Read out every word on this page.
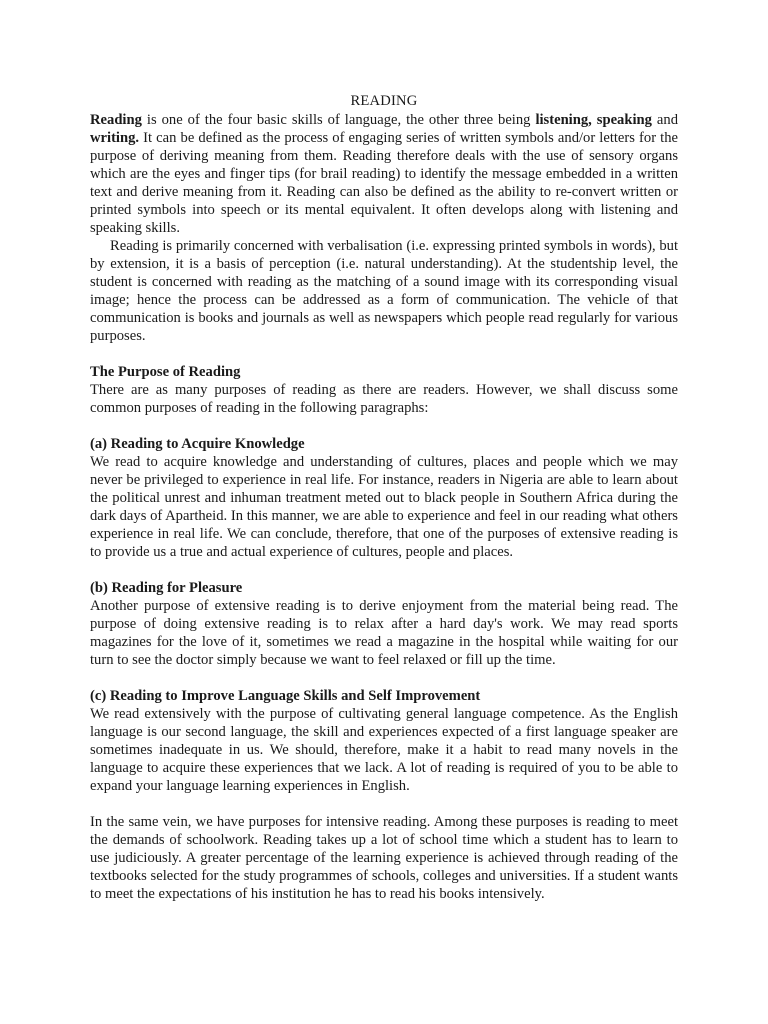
READING

Reading is one of the four basic skills of language, the other three being listening, speaking and writing. It can be defined as the process of engaging series of written symbols and/or letters for the purpose of deriving meaning from them. Reading therefore deals with the use of sensory organs which are the eyes and finger tips (for brail reading) to identify the message embedded in a written text and derive meaning from it. Reading can also be defined as the ability to re-convert written or printed symbols into speech or its mental equivalent. It often develops along with listening and speaking skills.

Reading is primarily concerned with verbalisation (i.e. expressing printed symbols in words), but by extension, it is a basis of perception (i.e. natural understanding). At the studentship level, the student is concerned with reading as the matching of a sound image with its corresponding visual image; hence the process can be addressed as a form of communication. The vehicle of that communication is books and journals as well as newspapers which people read regularly for various purposes.

The Purpose of Reading

There are as many purposes of reading as there are readers. However, we shall discuss some common purposes of reading in the following paragraphs:

(a) Reading to Acquire Knowledge

We read to acquire knowledge and understanding of cultures, places and people which we may never be privileged to experience in real life. For instance, readers in Nigeria are able to learn about the political unrest and inhuman treatment meted out to black people in Southern Africa during the dark days of Apartheid. In this manner, we are able to experience and feel in our reading what others experience in real life. We can conclude, therefore, that one of the purposes of extensive reading is to provide us a true and actual experience of cultures, people and places.

(b) Reading for Pleasure

Another purpose of extensive reading is to derive enjoyment from the material being read. The purpose of doing extensive reading is to relax after a hard day's work. We may read sports magazines for the love of it, sometimes we read a magazine in the hospital while waiting for our turn to see the doctor simply because we want to feel relaxed or fill up the time.

(c) Reading to Improve Language Skills and Self Improvement

We read extensively with the purpose of cultivating general language competence. As the English language is our second language, the skill and experiences expected of a first language speaker are sometimes inadequate in us. We should, therefore, make it a habit to read many novels in the language to acquire these experiences that we lack. A lot of reading is required of you to be able to expand your language learning experiences in English.

In the same vein, we have purposes for intensive reading. Among these purposes is reading to meet the demands of schoolwork. Reading takes up a lot of school time which a student has to learn to use judiciously. A greater percentage of the learning experience is achieved through reading of the textbooks selected for the study programmes of schools, colleges and universities. If a student wants to meet the expectations of his institution he has to read his books intensively.
